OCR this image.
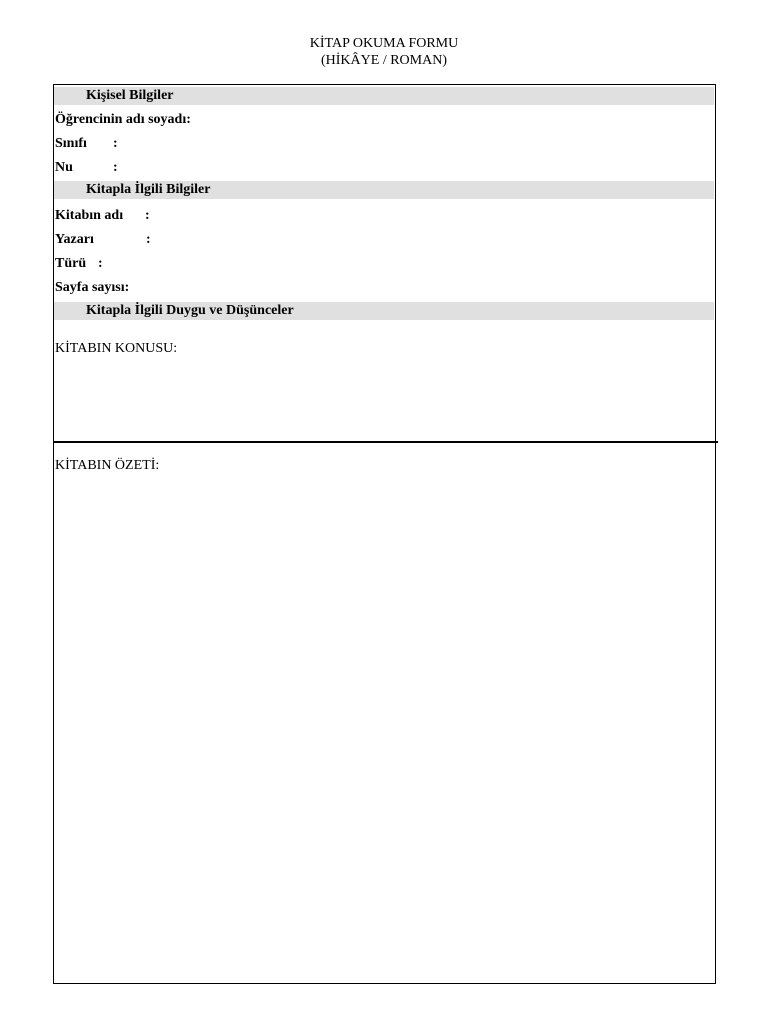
KİTAP OKUMA FORMU
(HİKÂYE / ROMAN)
Kişisel Bilgiler
Öğrencinin adı soyadı:
Sınıfı :
Nu	:
Kitapla İlgili Bilgiler
Kitabın adı :
Yazarı	:
Türü :
Sayfa sayısı:
Kitapla İlgili Duygu ve Düşünceler
KİTABIN KONUSU:
KİTABIN ÖZETİ:
